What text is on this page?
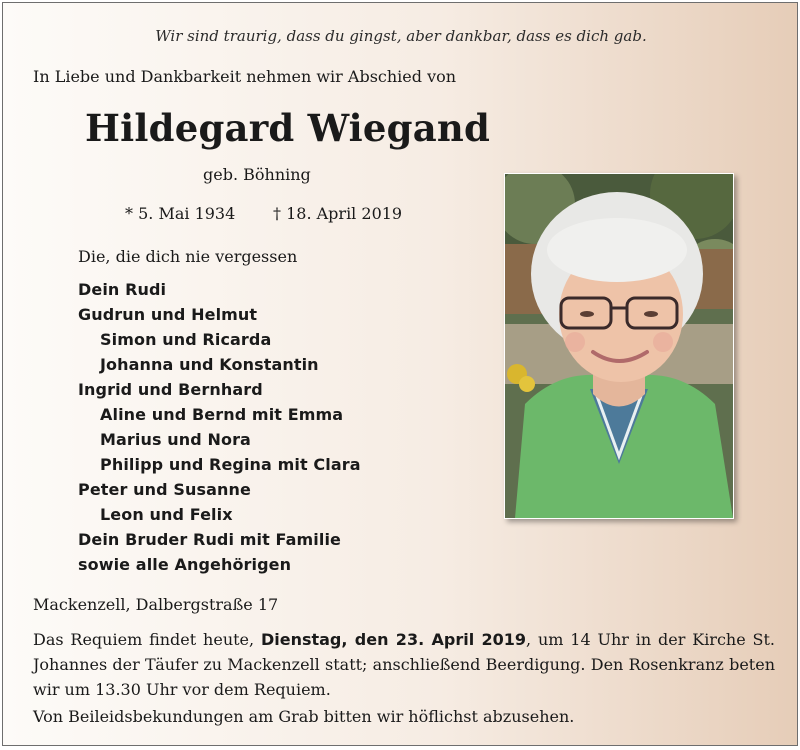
Wir sind traurig, dass du gingst, aber dankbar, dass es dich gab.
In Liebe und Dankbarkeit nehmen wir Abschied von
Hildegard Wiegand
geb. Böhning
* 5. Mai 1934 † 18. April 2019
Die, die dich nie vergessen
Dein Rudi
Gudrun und Helmut
Simon und Ricarda
Johanna und Konstantin
Ingrid und Bernhard
Aline und Bernd mit Emma
Marius und Nora
Philipp und Regina mit Clara
Peter und Susanne
Leon und Felix
Dein Bruder Rudi mit Familie
sowie alle Angehörigen
Mackenzell, Dalbergstraße 17
Das Requiem findet heute, Dienstag, den 23. April 2019, um 14 Uhr in der Kirche St. Johannes der Täufer zu Mackenzell statt; anschließend Beerdigung. Den Rosenkranz beten wir um 13.30 Uhr vor dem Requiem.
Von Beileidsbekundungen am Grab bitten wir höflichst abzusehen.
